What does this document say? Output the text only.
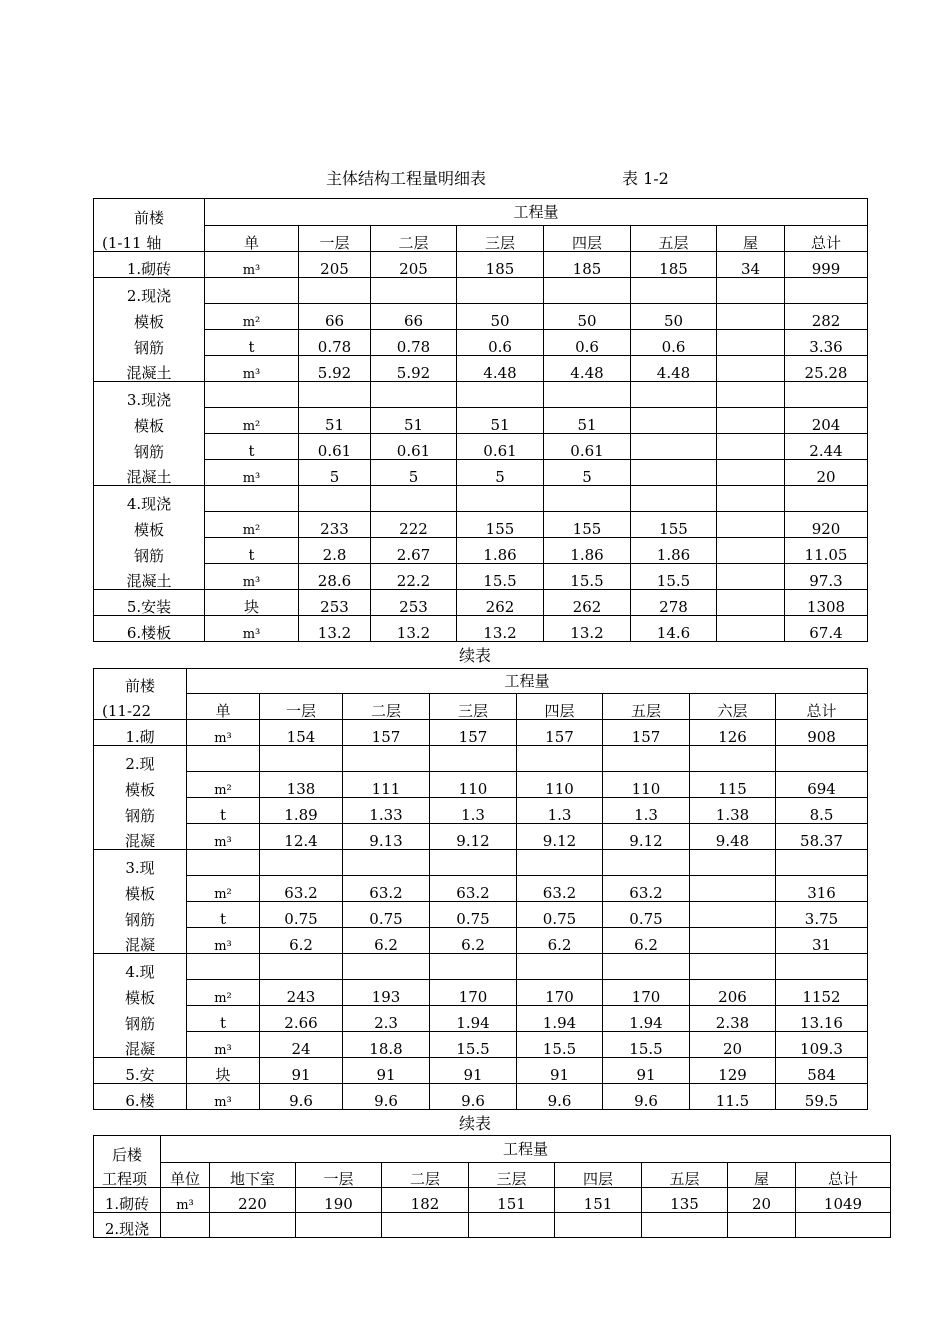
主体结构工程量明细表	表 1-2
前楼	工程量							
(1-11 轴	单	一层	二层	三层	四层	五层	屋	总计
1.砌砖	m³	205	205	185	185	185	34	999
2.现浇								
模板	m²	66	66	50	50	50		282
钢筋	t	0.78	0.78	0.6	0.6	0.6		3.36
混凝土	m³	5.92	5.92	4.48	4.48	4.48		25.28
3.现浇								
模板	m²	51	51	51	51			204
钢筋	t	0.61	0.61	0.61	0.61			2.44
混凝土	m³	5	5	5	5			20
4.现浇								
模板	m²	233	222	155	155	155		920
钢筋	t	2.8	2.67	1.86	1.86	1.86		11.05
混凝土	m³	28.6	22.2	15.5	15.5	15.5		97.3
5.安装	块	253	253	262	262	278		1308
6.楼板	m³	13.2	13.2	13.2	13.2	14.6		67.4
续表
前楼	工程量							
(11-22	单	一层	二层	三层	四层	五层	六层	总计
1.砌	m³	154	157	157	157	157	126	908
2.现								
模板	m²	138	111	110	110	110	115	694
钢筋	t	1.89	1.33	1.3	1.3	1.3	1.38	8.5
混凝	m³	12.4	9.13	9.12	9.12	9.12	9.48	58.37
3.现								
模板	m²	63.2	63.2	63.2	63.2	63.2		316
钢筋	t	0.75	0.75	0.75	0.75	0.75		3.75
混凝	m³	6.2	6.2	6.2	6.2	6.2		31
4.现								
模板	m²	243	193	170	170	170	206	1152
钢筋	t	2.66	2.3	1.94	1.94	1.94	2.38	13.16
混凝	m³	24	18.8	15.5	15.5	15.5	20	109.3
5.安	块	91	91	91	91	91	129	584
6.楼	m³	9.6	9.6	9.6	9.6	9.6	11.5	59.5
续表
后楼	工程量								
工程项	单位	地下室	一层	二层	三层	四层	五层	屋	总计
1.砌砖	m³	220	190	182	151	151	135	20	1049
2.现浇									
